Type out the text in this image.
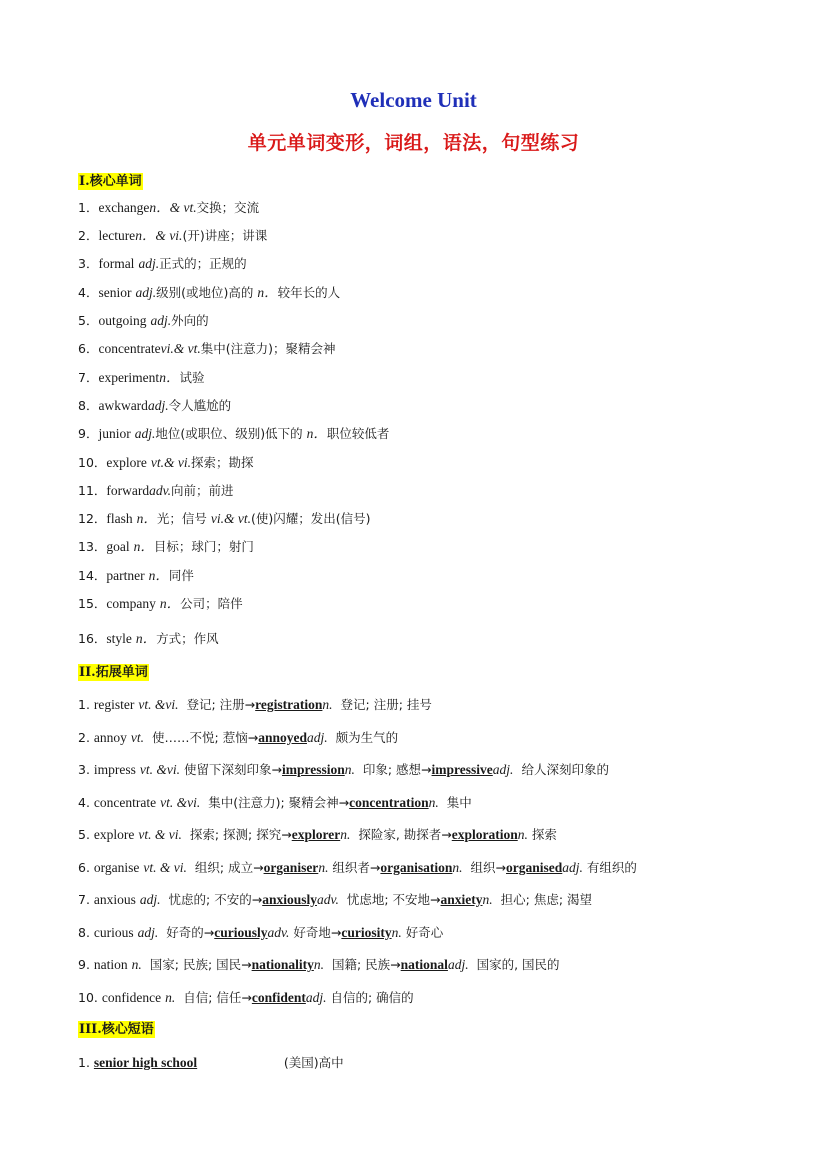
Welcome Unit
单元单词变形，词组，语法，句型练习
I.核心单词
1．exchangen．& vt.交换；交流
2．lecturen．& vi.(开)讲座；讲课
3．formal adj.正式的；正规的
4．senior adj.级别(或地位)高的 n．较年长的人
5．outgoing adj.外向的
6．concentratevi.& vt.集中(注意力)；聚精会神
7．experimentn．试验
8．awkwardadj.令人尴尬的
9．junior adj.地位(或职位、级别)低下的 n．职位较低者
10．explore vt.& vi.探索；勘探
11．forwardadv.向前；前进
12．flash n．光；信号 vi.& vt.(使)闪耀；发出(信号)
13．goal n．目标；球门；射门
14．partner n．同伴
15．company n．公司；陪伴
16．style n．方式；作风
II.拓展单词
1. register vt. &vi. 登记; 注册→registrationn. 登记; 注册; 挂号
2. annoy vt. 使……不悦; 惹恼→annoyedadj. 颇为生气的
3. impress vt. &vi. 使留下深刻印象→impressionn. 印象; 感想→impressiveadj. 给人深刻印象的
4. concentrate vt. &vi. 集中(注意力); 聚精会神→concentrationn. 集中
5. explore vt. & vi. 探索; 探测; 探究→explorern. 探险家, 勘探者→explorationn. 探索
6. organise vt. & vi. 组织; 成立→organisern. 组织者→organisationn. 组织→organisedadj. 有组织的
7. anxious adj. 忧虑的; 不安的→anxiouslyadv. 忧虑地; 不安地→anxietyn. 担心; 焦虑; 渴望
8. curious adj. 好奇的→curiouslyadv. 好奇地→curiosityn. 好奇心
9. nation n. 国家; 民族; 国民→nationalityn. 国籍; 民族→nationaladj. 国家的, 国民的
10. confidence n. 自信; 信任→confidentadj. 自信的; 确信的
III.核心短语
1. senior high school	(美国)高中
